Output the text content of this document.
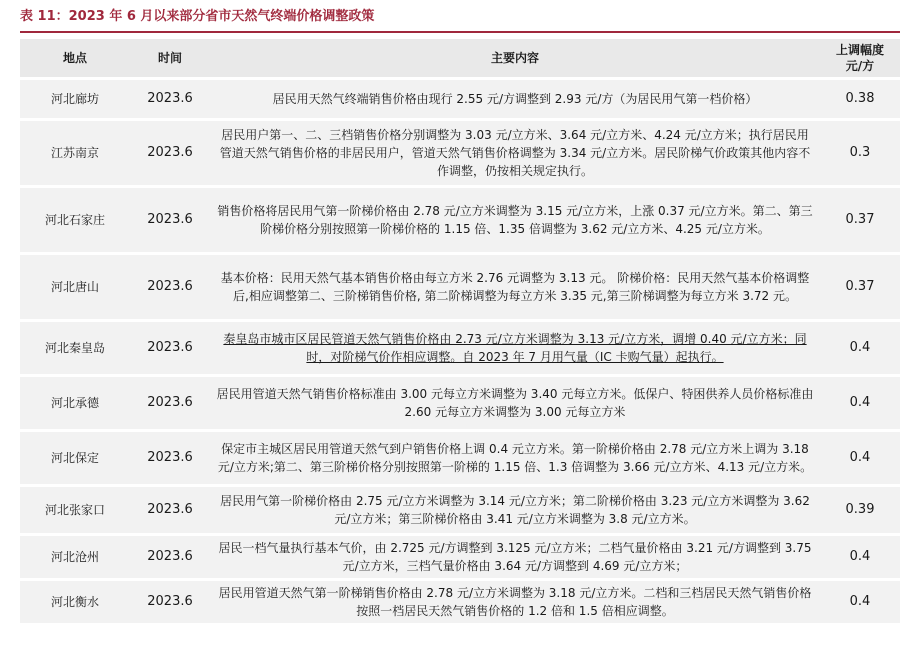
表 11：2023 年 6 月以来部分省市天然气终端价格调整政策
地点	时间	主要内容	上调幅度
元/方

河北廊坊	2023.6	居民用天然气终端销售价格由现行 2.55 元/方调整到 2.93 元/方（为居民用气第一档价格）	0.38
江苏南京	2023.6	居民用户第一、二、三档销售价格分别调整为 3.03 元/立方米、3.64 元/立方米、4.24 元/立方米；执行居民用管道天然气销售价格的非居民用户，管道天然气销售价格调整为 3.34 元/立方米。居民阶梯气价政策其他内容不作调整，仍按相关规定执行。	0.3
河北石家庄	2023.6	销售价格将居民用气第一阶梯价格由 2.78 元/立方米调整为 3.15 元/立方米，上涨 0.37 元/立方米。第二、第三阶梯价格分别按照第一阶梯价格的 1.15 倍、1.35 倍调整为 3.62 元/立方米、4.25 元/立方米。	0.37
河北唐山	2023.6	基本价格：民用天然气基本销售价格由每立方米 2.76 元调整为 3.13 元。 阶梯价格：民用天然气基本价格调整后,相应调整第二、三阶梯销售价格, 第二阶梯调整为每立方米 3.35 元,第三阶梯调整为每立方米 3.72 元。	0.37
河北秦皇岛	2023.6	秦皇岛市城市区居民管道天然气销售价格由 2.73 元/立方米调整为 3.13 元/立方米，调增 0.40 元/立方米；同时，对阶梯气价作相应调整。自 2023 年 7 月用气量（IC 卡购气量）起执行。	0.4
河北承德	2023.6	居民用管道天然气销售价格标准由 3.00 元每立方米调整为 3.40 元每立方米。低保户、特困供养人员价格标准由 2.60 元每立方米调整为 3.00 元每立方米	0.4
河北保定	2023.6	保定市主城区居民用管道天然气到户销售价格上调 0.4 元立方米。第一阶梯价格由 2.78 元/立方米上调为 3.18 元/立方米;第二、第三阶梯价格分别按照第一阶梯的 1.15 倍、1.3 倍调整为 3.66 元/立方米、4.13 元/立方米。	0.4
河北张家口	2023.6	居民用气第一阶梯价格由 2.75 元/立方米调整为 3.14 元/立方米；第二阶梯价格由 3.23 元/立方米调整为 3.62 元/立方米；第三阶梯价格由 3.41 元/立方米调整为 3.8 元/立方米。	0.39
河北沧州	2023.6	居民一档气量执行基本气价，由 2.725 元/方调整到 3.125 元/立方米；二档气量价格由 3.21 元/方调整到 3.75 元/立方米，三档气量价格由 3.64 元/方调整到 4.69 元/立方米；	0.4
河北衡水	2023.6	居民用管道天然气第一阶梯销售价格由 2.78 元/立方米调整为 3.18 元/立方米。二档和三档居民天然气销售价格按照一档居民天然气销售价格的 1.2 倍和 1.5 倍相应调整。	0.4
